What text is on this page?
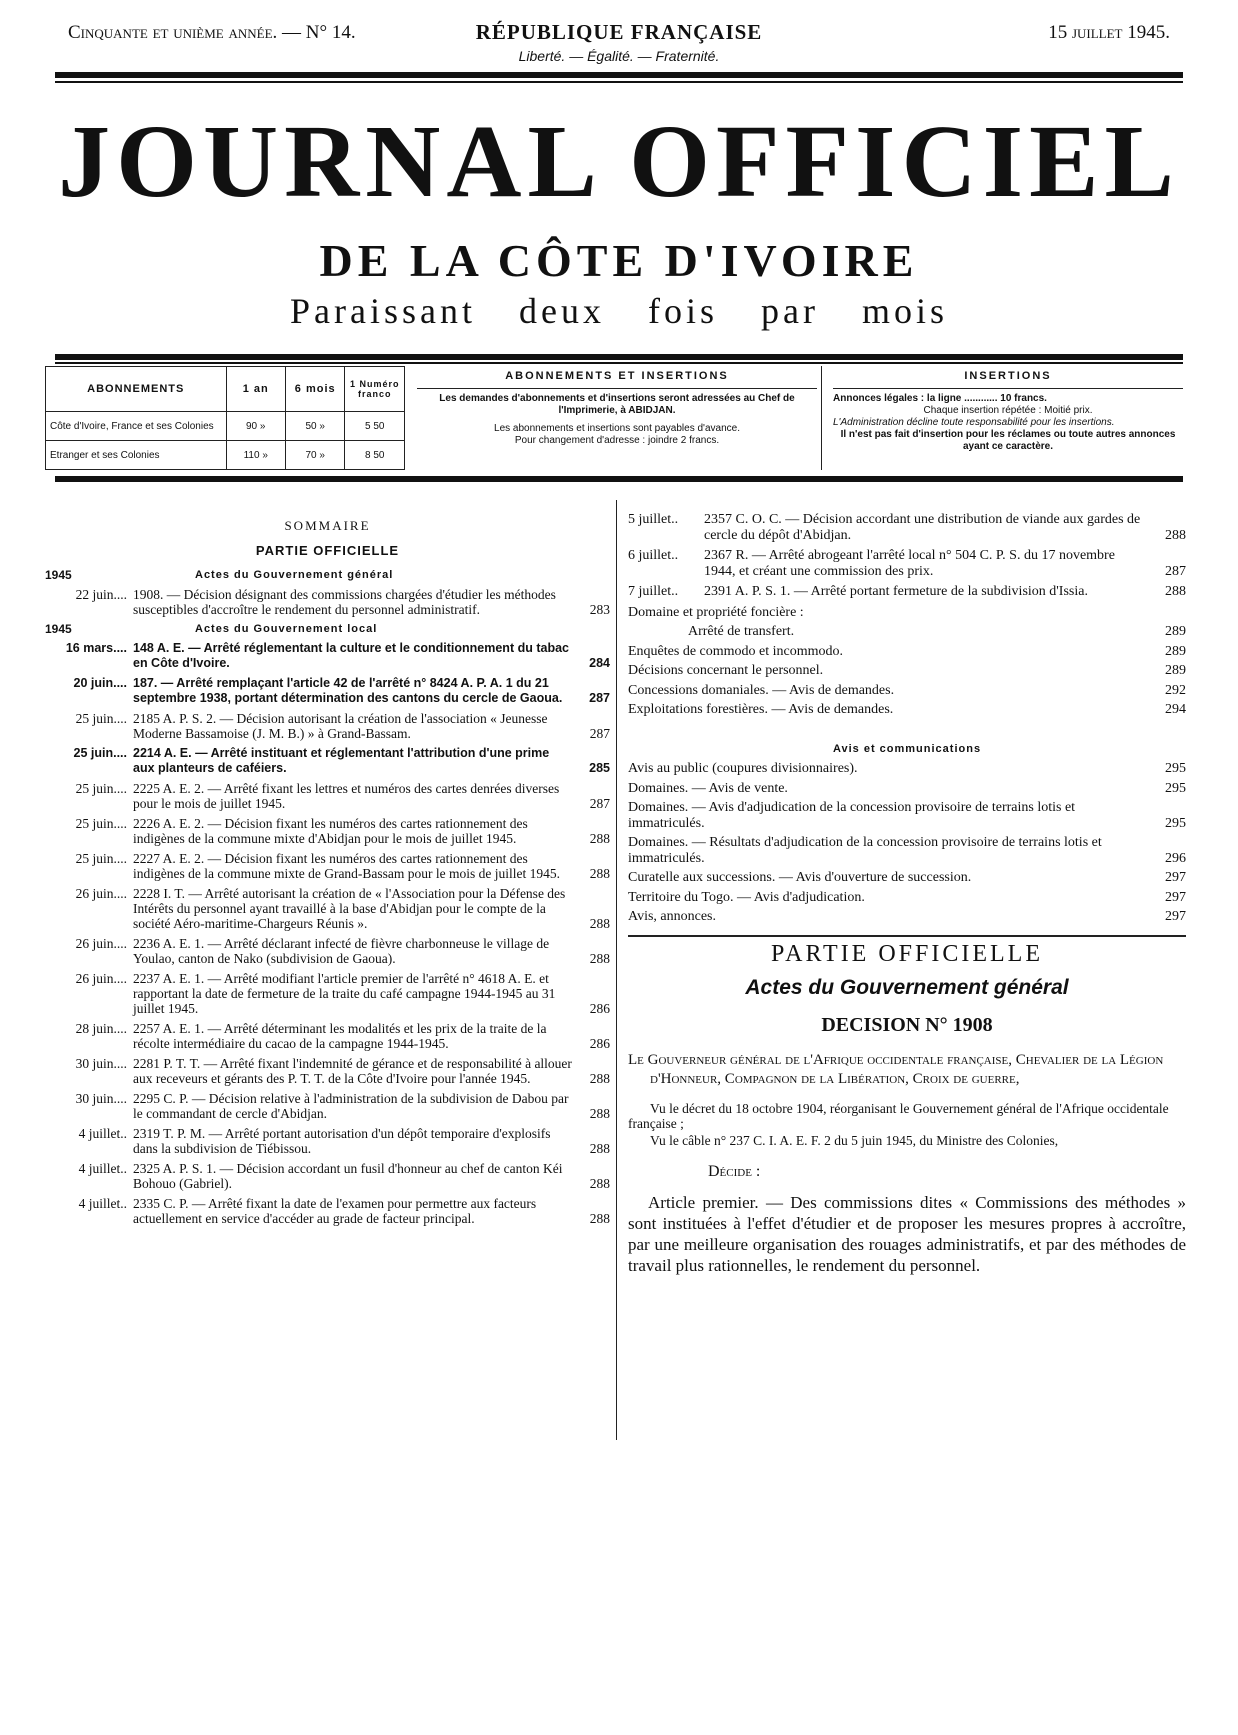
Cinquante et unième année. — N° 14.	RÉPUBLIQUE FRANÇAISE
Liberté. — Égalité. — Fraternité.
15 juillet 1945.
JOURNAL OFFICIEL
DE LA CÔTE D'IVOIRE
Paraissant deux fois par mois
ABONNEMENTS	1 an	6 mois	1 Numéro franco
Côte d'Ivoire, France et ses Colonies	90 »	50 »	5 50
Etranger et ses Colonies	110 »	70 »	8 50
ABONNEMENTS ET INSERTIONS
Les demandes d'abonnements et d'insertions seront adressées au Chef de l'Imprimerie, à ABIDJAN.
Les abonnements et insertions sont payables d'avance.
Pour changement d'adresse : joindre 2 francs.
INSERTIONS
Annonces légales : la ligne ............ 10 francs.
Chaque insertion répétée : Moitié prix.
L'Administration décline toute responsabilité pour les insertions.
Il n'est pas fait d'insertion pour les réclames ou toute autres annonces ayant ce caractère.
SOMMAIRE
PARTIE OFFICIELLE
1945	Actes du Gouvernement général
22 juin.... 1908. — Décision désignant des commissions chargées d'étudier les méthodes susceptibles d'accroître le rendement du personnel administratif.	283
1945	Actes du Gouvernement local
16 mars.... 148 A. E. — Arrêté réglementant la culture et le conditionnement du tabac en Côte d'Ivoire.	284
20 juin.... 187. — Arrêté remplaçant l'article 42 de l'arrêté n° 8424 A. P. A. 1 du 21 septembre 1938, portant détermination des cantons du cercle de Gaoua.	287
25 juin.... 2185 A. P. S. 2. — Décision autorisant la création de l'association « Jeunesse Moderne Bassamoise (J. M. B.) » à Grand-Bassam.	287
25 juin.... 2214 A. E. — Arrêté instituant et réglementant l'attribution d'une prime aux planteurs de caféiers.	285
25 juin.... 2225 A. E. 2. — Arrêté fixant les lettres et numéros des cartes denrées diverses pour le mois de juillet 1945.	287
25 juin.... 2226 A. E. 2. — Décision fixant les numéros des cartes rationnement des indigènes de la commune mixte d'Abidjan pour le mois de juillet 1945.	288
25 juin.... 2227 A. E. 2. — Décision fixant les numéros des cartes rationnement des indigènes de la commune mixte de Grand-Bassam pour le mois de juillet 1945.	288
26 juin.... 2228 I. T. — Arrêté autorisant la création de « l'Association pour la Défense des Intérêts du personnel ayant travaillé à la base d'Abidjan pour le compte de la société Aéro-maritime-Chargeurs Réunis ».	288
26 juin.... 2236 A. E. 1. — Arrêté déclarant infecté de fièvre charbonneuse le village de Youlao, canton de Nako (subdivision de Gaoua).	288
26 juin.... 2237 A. E. 1. — Arrêté modifiant l'article premier de l'arrêté n° 4618 A. E. et rapportant la date de fermeture de la traite du café campagne 1944-1945 au 31 juillet 1945.	286
28 juin.... 2257 A. E. 1. — Arrêté déterminant les modalités et les prix de la traite de la récolte intermédiaire du cacao de la campagne 1944-1945.	286
30 juin.... 2281 P. T. T. — Arrêté fixant l'indemnité de gérance et de responsabilité à allouer aux receveurs et gérants des P. T. T. de la Côte d'Ivoire pour l'année 1945.	288
30 juin.... 2295 C. P. — Décision relative à l'administration de la subdivision de Dabou par le commandant de cercle d'Abidjan.	288
4 juillet.. 2319 T. P. M. — Arrêté portant autorisation d'un dépôt temporaire d'explosifs dans la subdivision de Tiébissou.	288
4 juillet.. 2325 A. P. S. 1. — Décision accordant un fusil d'honneur au chef de canton Kéi Bohouo (Gabriel).	288
4 juillet.. 2335 C. P. — Arrêté fixant la date de l'examen pour permettre aux facteurs actuellement en service d'accéder au grade de facteur principal.	288
5 juillet..	2357 C. O. C. — Décision accordant une distribution de viande aux gardes de cercle du dépôt d'Abidjan.	288
6 juillet..	2367 R. — Arrêté abrogeant l'arrêté local n° 504 C. P. S. du 17 novembre 1944, et créant une commission des prix.	287
7 juillet..	2391 A. P. S. 1. — Arrêté portant fermeture de la subdivision d'Issia.	288
Domaine et propriété foncière :
Arrêté de transfert.	289
Enquêtes de commodo et incommodo.	289
Décisions concernant le personnel.	289
Concessions domaniales. — Avis de demandes.	292
Exploitations forestières. — Avis de demandes.	294
Avis et communications
Avis au public (coupures divisionnaires).	295
Domaines. — Avis de vente.	295
Domaines. — Avis d'adjudication de la concession provisoire de terrains lotis et immatriculés.	295
Domaines. — Résultats d'adjudication de la concession provisoire de terrains lotis et immatriculés.	296
Curatelle aux successions. — Avis d'ouverture de succession.	297
Territoire du Togo. — Avis d'adjudication.	297
Avis, annonces.	297
PARTIE OFFICIELLE
Actes du Gouvernement général
DECISION N° 1908
Le Gouverneur général de l'Afrique occidentale française, Chevalier de la Légion d'Honneur, Compagnon de la Libération, Croix de guerre,
Vu le décret du 18 octobre 1904, réorganisant le Gouvernement général de l'Afrique occidentale française ;
Vu le câble n° 237 C. I. A. E. F. 2 du 5 juin 1945, du Ministre des Colonies,
Décide :
Article premier. — Des commissions dites « Commissions des méthodes » sont instituées à l'effet d'étudier et de proposer les mesures propres à accroître, par une meilleure organisation des rouages administratifs, et par des méthodes de travail plus rationnelles, le rendement du personnel.
